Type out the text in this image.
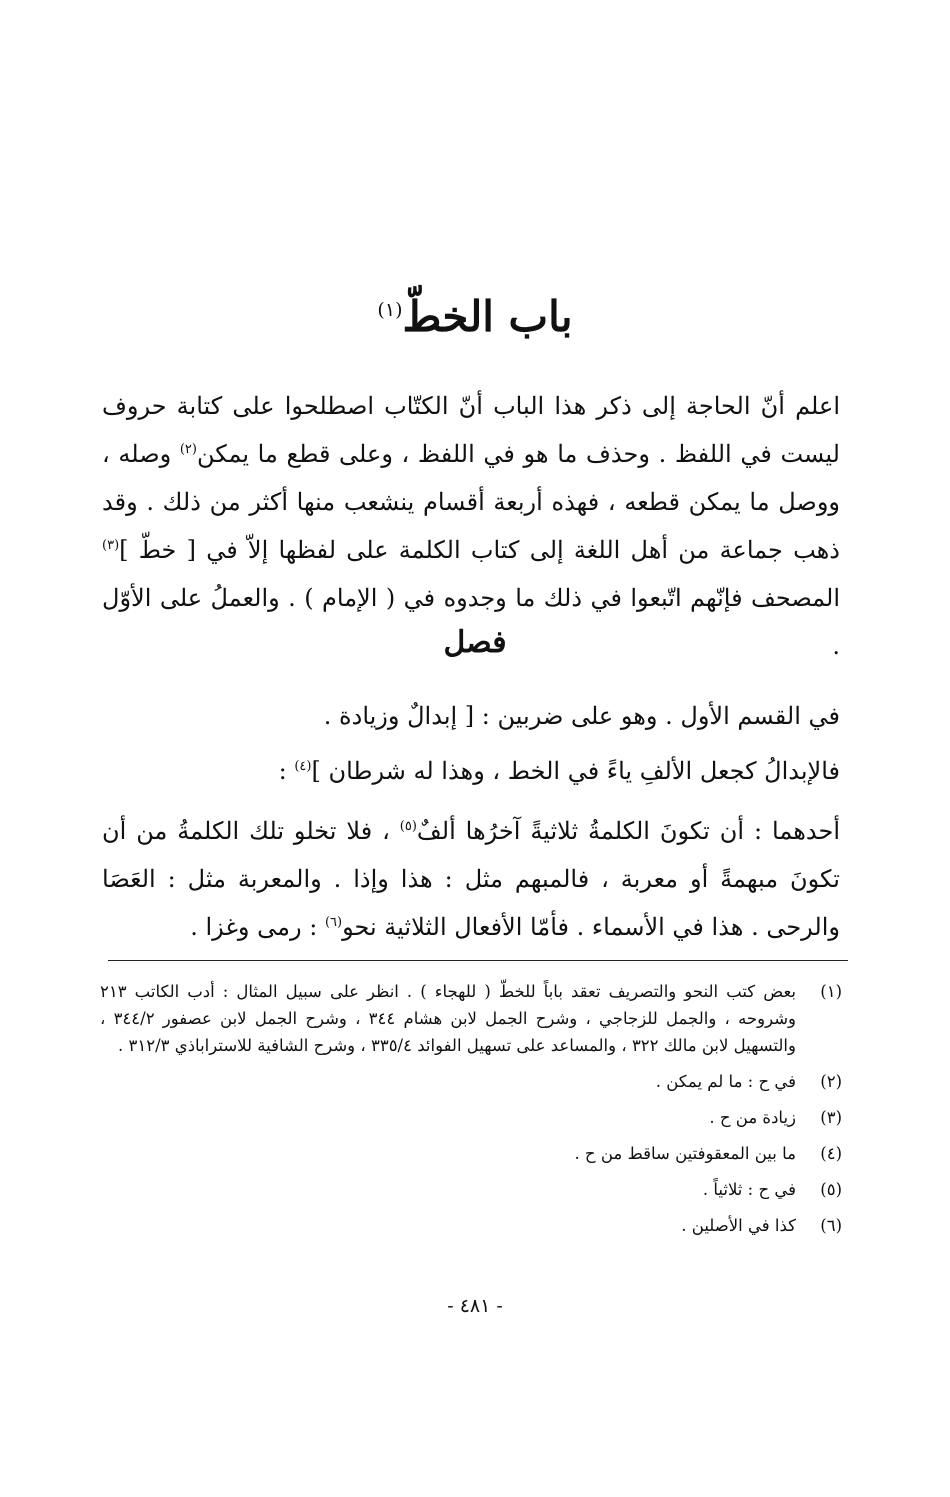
باب الخطّ$^{(١)}$
اعلم أنّ الحاجة إلى ذكر هذا الباب أنّ الكتّاب اصطلحوا على كتابة حروف ليست في اللفظ . وحذف ما هو في اللفظ ، وعلى قطع ما يمكن$^{(٢)}$ وصله ، ووصل ما يمكن قطعه ، فهذه أربعة أقسام ينشعب منها أكثر من ذلك . وقد ذهب جماعة من أهل اللغة إلى كتاب الكلمة على لفظها إلاّ في [ خطّ ]$^{(٣)}$ المصحف فإنّهم اتّبعوا في ذلك ما وجدوه في ( الإمام ) . والعملُ على الأوّل .
فصل
في القسم الأول . وهو على ضربين : [ إبدالٌ وزيادة .
فالإبدالُ كجعل الألفِ ياءً في الخط ، وهذا له شرطان ]$^{(٤)}$ :
أحدهما : أن تكونَ الكلمةُ ثلاثيةً آخرُها ألفٌ$^{(٥)}$ ، فلا تخلو تلك الكلمةُ من أن تكونَ مبهمةً أو معربة ، فالمبهم مثل : هذا وإذا . والمعربة مثل : العَصَا والرحى . هذا في الأسماء . فأمّا الأفعال الثلاثية نحو$^{(٦)}$ : رمى وغزا .
(١)
بعض كتب النحو والتصريف تعقد باباً للخطّ ( للهجاء ) . انظر على سبيل المثال : أدب الكاتب ٢١٣ وشروحه ، والجمل للزجاجي ، وشرح الجمل لابن هشام ٣٤٤ ، وشرح الجمل لابن عصفور ٣٤٤/٢ ، والتسهيل لابن مالك ٣٢٢ ، والمساعد على تسهيل الفوائد ٣٣٥/٤ ، وشرح الشافية للاستراباذي ٣١٢/٣ .
(٢)
في ح : ما لم يمكن .
(٣)
زيادة من ح .
(٤)
ما بين المعقوفتين ساقط من ح .
(٥)
في ح : ثلاثياً .
(٦)
كذا في الأصلين .
- ٤٨١ -
